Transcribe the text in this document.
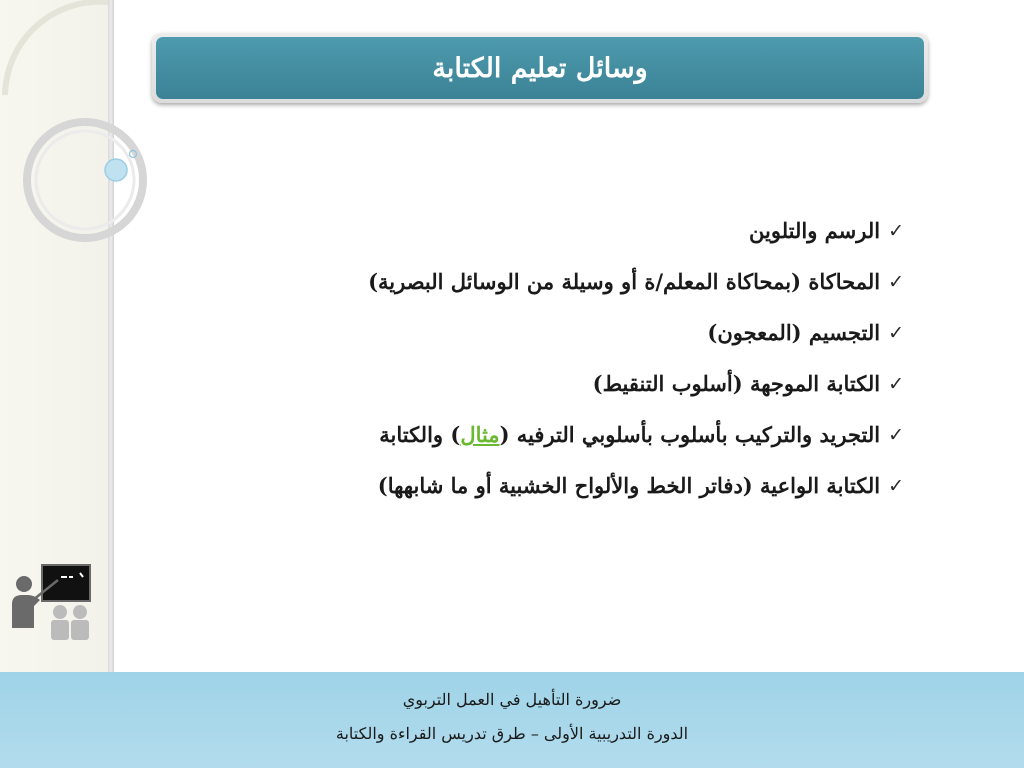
وسائل تعليم الكتابة
✓
الرسم والتلوين
✓
المحاكاة (بمحاكاة المعلم/ة أو وسيلة من الوسائل البصرية)
✓
التجسيم (المعجون)
✓
الكتابة الموجهة (أسلوب التنقيط)
✓
التجريد والتركيب بأسلوب بأسلوبي الترفيه (مثال) والكتابة
✓
الكتابة الواعية (دفاتر الخط والألواح الخشبية أو ما شابهها)
ضرورة التأهيل في العمل التربوي
الدورة التدريبية الأولى – طرق تدريس القراءة والكتابة
